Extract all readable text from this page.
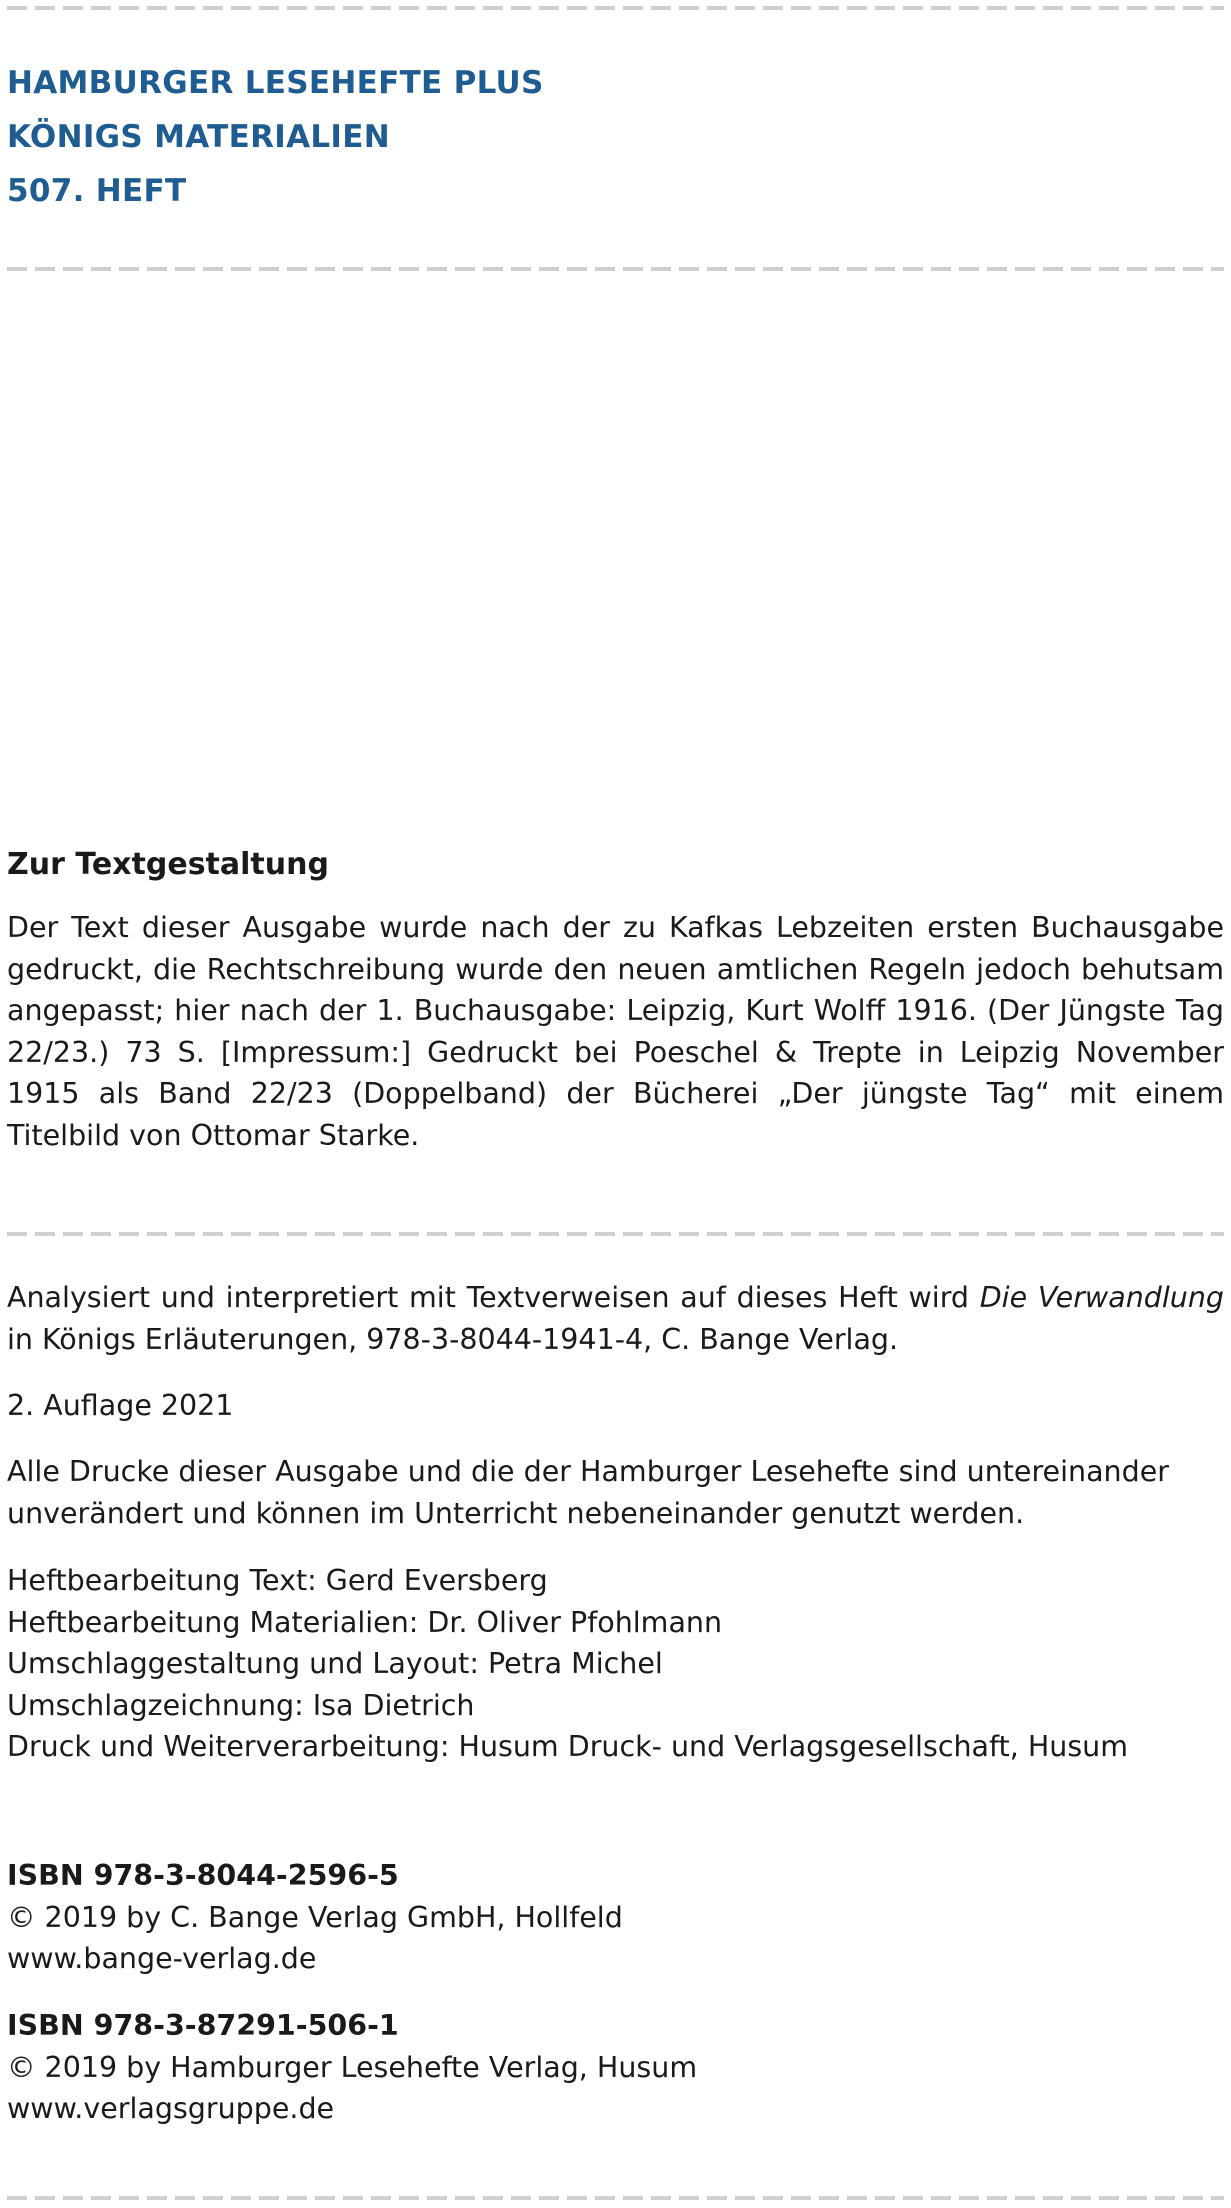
HAMBURGER LESEHEFTE PLUS
KÖNIGS MATERIALIEN
507. HEFT

Zur Textgestaltung

Der Text dieser Ausgabe wurde nach der zu Kafkas Lebzeiten ersten Buchausgabe gedruckt, die Rechtschreibung wurde den neuen amtlichen Regeln jedoch behutsam angepasst; hier nach der 1. Buchausgabe: Leipzig, Kurt Wolff 1916. (Der Jüngste Tag 22/23.) 73 S. [Impressum:] Gedruckt bei Poeschel & Trepte in Leipzig November 1915 als Band 22/23 (Doppelband) der Bücherei „Der jüngste Tag“ mit einem Titelbild von Ottomar Starke.

Analysiert und interpretiert mit Textverweisen auf dieses Heft wird Die Verwandlung
in Königs Erläuterungen, 978-3-8044-1941-4, C. Bange Verlag.
2. Auflage 2021

Alle Drucke dieser Ausgabe und die der Hamburger Lesehefte sind untereinander unverändert und können im Unterricht nebeneinander genutzt werden.

Heftbearbeitung Text: Gerd Eversberg
Heftbearbeitung Materialien: Dr. Oliver Pfohlmann
Umschlaggestaltung und Layout: Petra Michel
Umschlagzeichnung: Isa Dietrich
Druck und Weiterverarbeitung: Husum Druck- und Verlagsgesellschaft, Husum
ISBN 978-3-8044-2596-5
© 2019 by C. Bange Verlag GmbH, Hollfeld
www.bange-verlag.de
ISBN 978-3-87291-506-1
© 2019 by Hamburger Lesehefte Verlag, Husum
www.verlagsgruppe.de
